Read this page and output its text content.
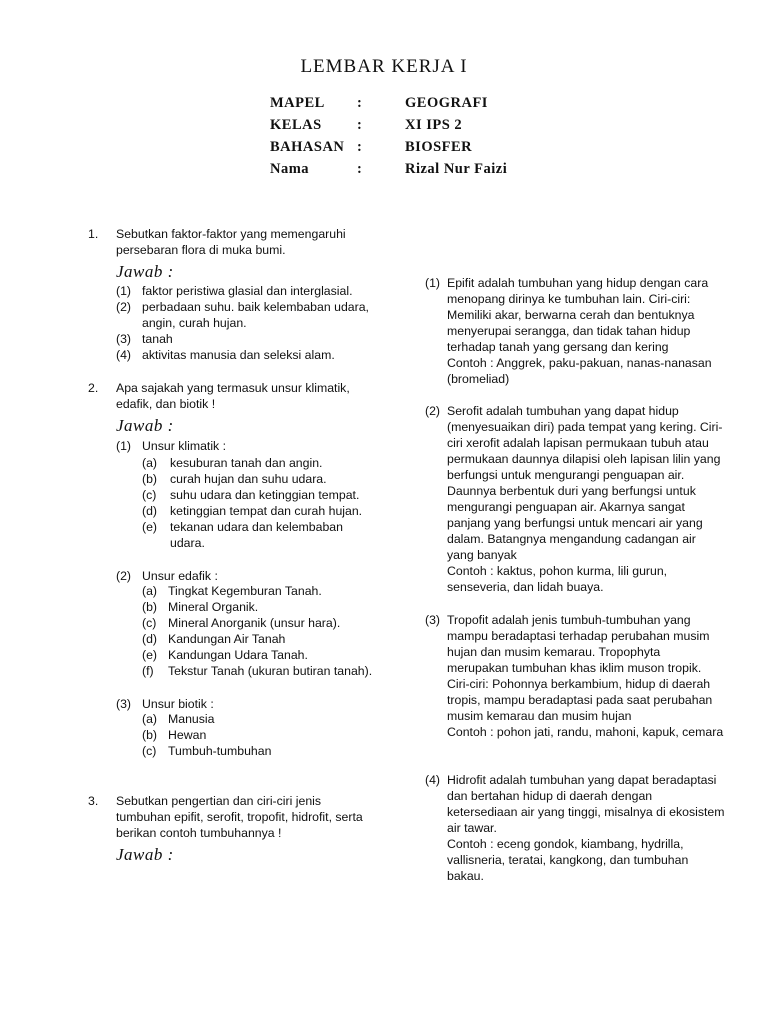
LEMBAR KERJA I
MAPEL	:	GEOGRAFI
KELAS	:	XI IPS 2
BAHASAN :	BIOSFER
Nama	:	Rizal Nur Faizi
1. Sebutkan faktor-faktor yang memengaruhi persebaran flora di muka bumi.
Jawab :
(1) faktor peristiwa glasial dan interglasial.
(2) perbadaan suhu. baik kelembaban udara, angin, curah hujan.
(3) tanah
(4) aktivitas manusia dan seleksi alam.
2. Apa sajakah yang termasuk unsur klimatik, edafik, dan biotik !
Jawab :
(1) Unsur klimatik :
(a) kesuburan tanah dan angin.
(b) curah hujan dan suhu udara.
(c) suhu udara dan ketinggian tempat.
(d) ketinggian tempat dan curah hujan.
(e) tekanan udara dan kelembaban udara.
(2) Unsur edafik :
(a) Tingkat Kegemburan Tanah.
(b) Mineral Organik.
(c) Mineral Anorganik (unsur hara).
(d) Kandungan Air Tanah
(e) Kandungan Udara Tanah.
(f) Tekstur Tanah (ukuran butiran tanah).
(3) Unsur biotik :
(a) Manusia
(b) Hewan
(c) Tumbuh-tumbuhan
3. Sebutkan pengertian dan ciri-ciri jenis tumbuhan epifit, serofit, tropofit, hidrofit, serta berikan contoh tumbuhannya !
Jawab :
(1) Epifit adalah tumbuhan yang hidup dengan cara menopang dirinya ke tumbuhan lain. Ciri-ciri: Memiliki akar, berwarna cerah dan bentuknya menyerupai serangga, dan tidak tahan hidup terhadap tanah yang gersang dan kering
Contoh : Anggrek, paku-pakuan, nanas-nanasan (bromeliad)
(2) Serofit adalah tumbuhan yang dapat hidup (menyesuaikan diri) pada tempat yang kering. Ciri-ciri xerofit adalah lapisan permukaan tubuh atau permukaan daunnya dilapisi oleh lapisan lilin yang berfungsi untuk mengurangi penguapan air. Daunnya berbentuk duri yang berfungsi untuk mengurangi penguapan air. Akarnya sangat panjang yang berfungsi untuk mencari air yang dalam. Batangnya mengandung cadangan air yang banyak
Contoh : kaktus, pohon kurma, lili gurun, senseveria, dan lidah buaya.
(3) Tropofit adalah jenis tumbuh-tumbuhan yang mampu beradaptasi terhadap perubahan musim hujan dan musim kemarau. Tropophyta merupakan tumbuhan khas iklim muson tropik. Ciri-ciri: Pohonnya berkambium, hidup di daerah tropis, mampu beradaptasi pada saat perubahan musim kemarau dan musim hujan
Contoh : pohon jati, randu, mahoni, kapuk, cemara
(4) Hidrofit adalah tumbuhan yang dapat beradaptasi dan bertahan hidup di daerah dengan ketersediaan air yang tinggi, misalnya di ekosistem air tawar.
Contoh : eceng gondok, kiambang, hydrilla, vallisneria, teratai, kangkong, dan tumbuhan bakau.
